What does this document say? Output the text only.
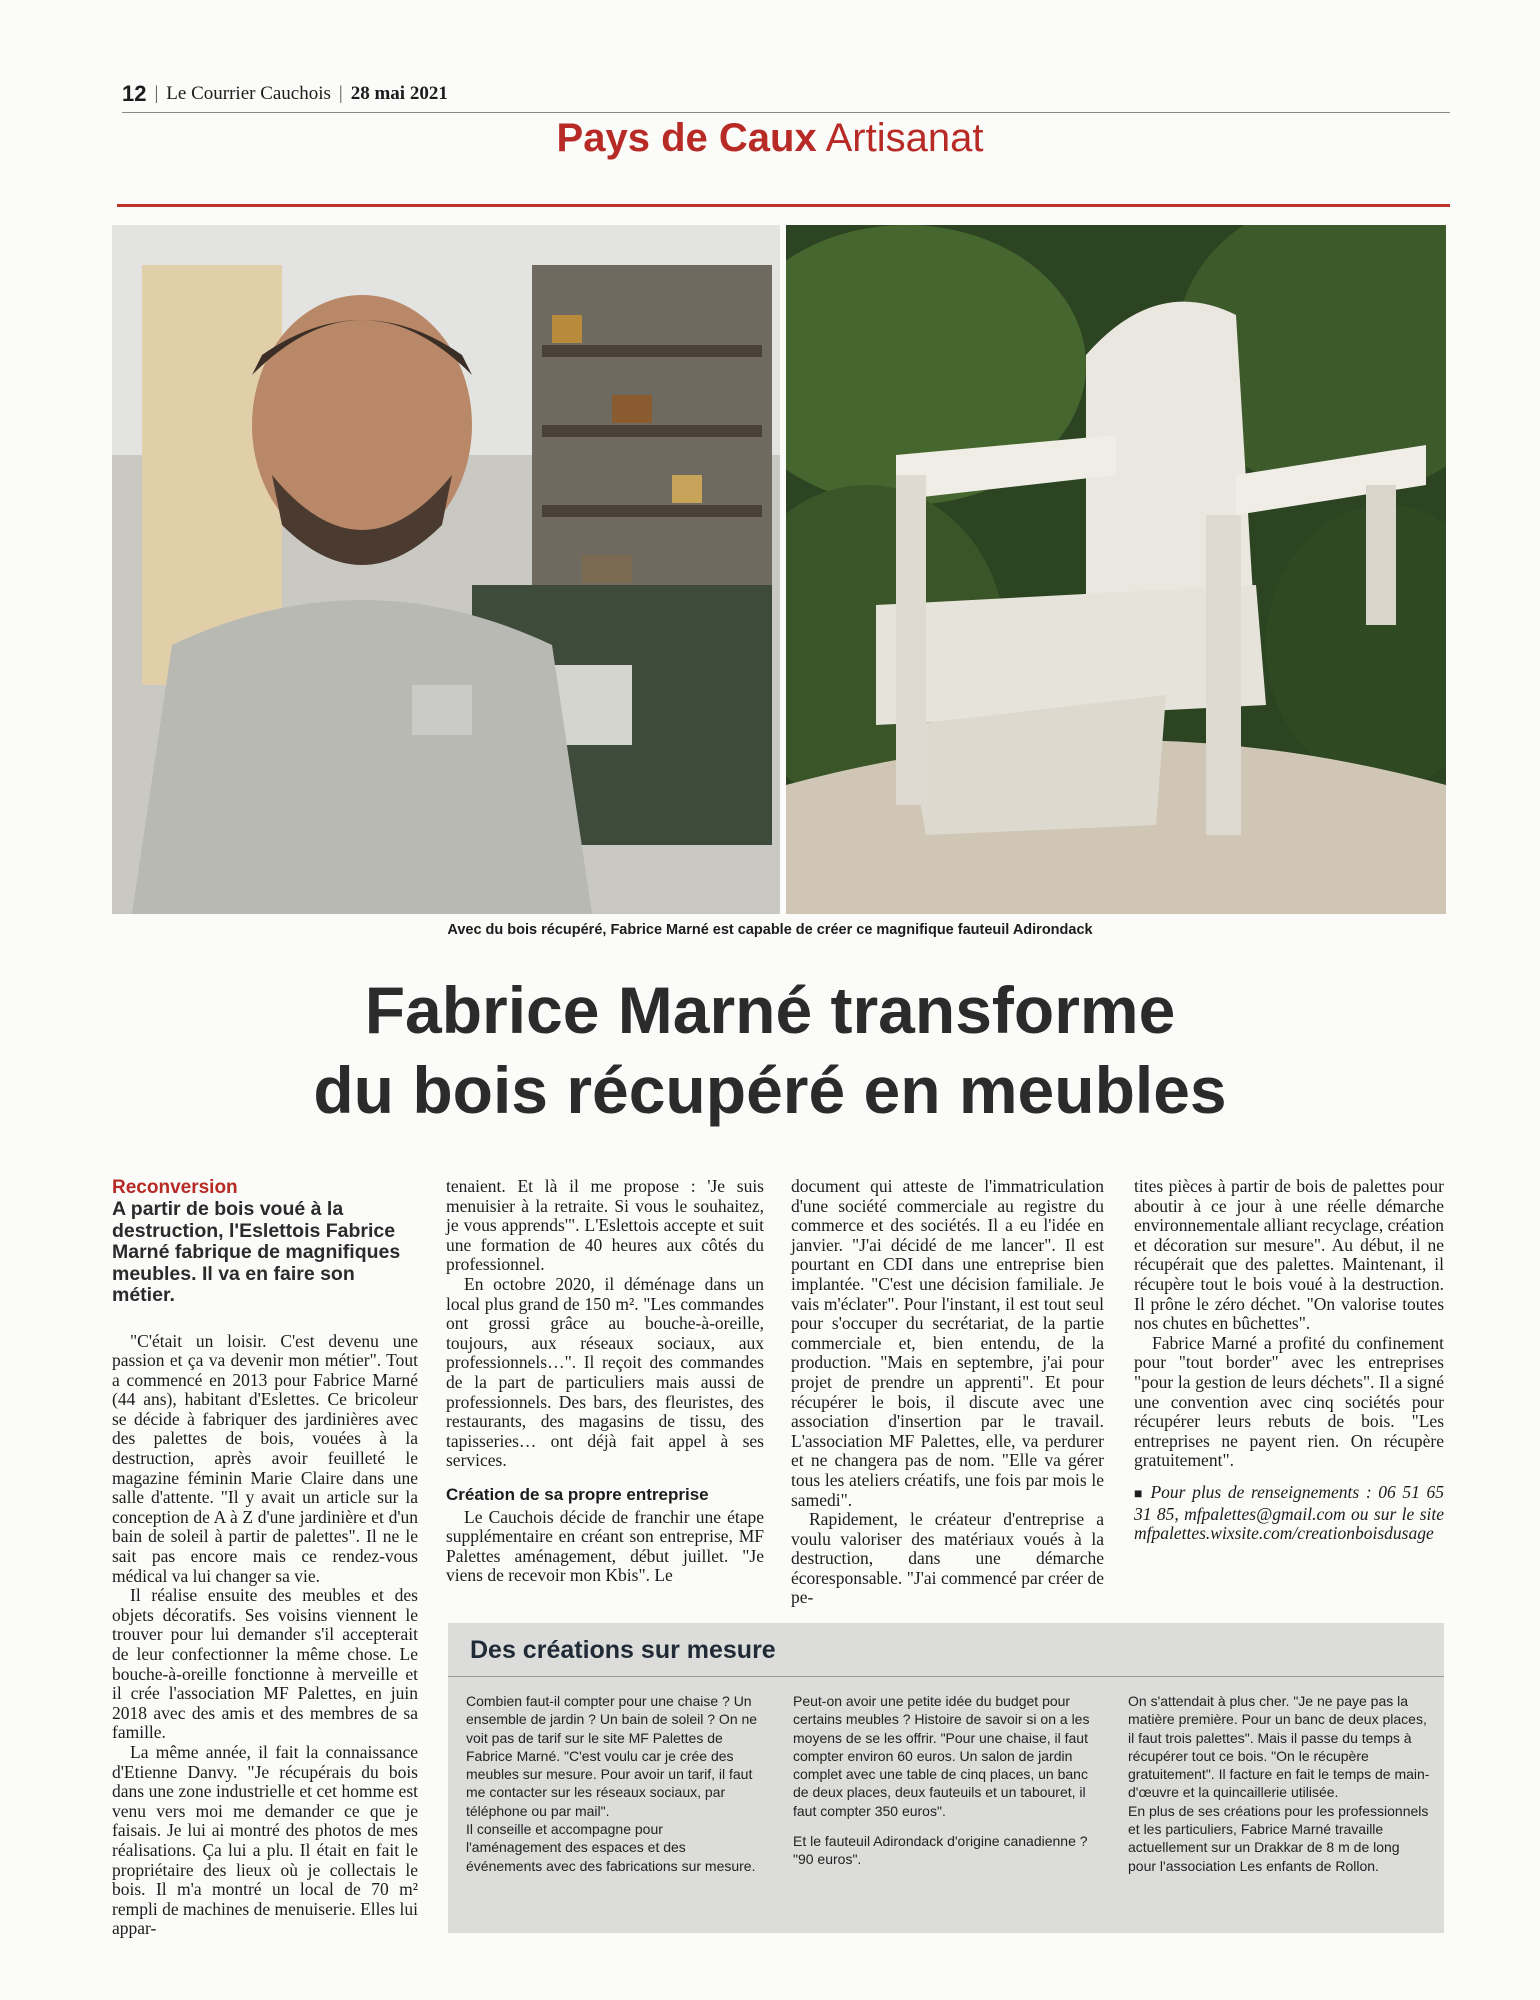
12 | Le Courrier Cauchois | 28 mai 2021
Pays de Caux Artisanat
Avec du bois récupéré, Fabrice Marné est capable de créer ce magnifique fauteuil Adirondack
Fabrice Marné transforme
du bois récupéré en meubles
Reconversion
A partir de bois voué à la destruction, l'Eslettois Fabrice Marné fabrique de magnifiques meubles. Il va en faire son métier.

"C'était un loisir. C'est devenu une passion et ça va devenir mon métier". Tout a commencé en 2013 pour Fabrice Marné (44 ans), habitant d'Eslettes. Ce bricoleur se décide à fabriquer des jardinières avec des palettes de bois, vouées à la destruction, après avoir feuilleté le magazine féminin Marie Claire dans une salle d'attente. "Il y avait un article sur la conception de A à Z d'une jardinière et d'un bain de soleil à partir de palettes". Il ne le sait pas encore mais ce rendez-vous médical va lui changer sa vie.

Il réalise ensuite des meubles et des objets décoratifs. Ses voisins viennent le trouver pour lui demander s'il accepterait de leur confectionner la même chose. Le bouche-à-oreille fonctionne à merveille et il crée l'association MF Palettes, en juin 2018 avec des amis et des membres de sa famille.

La même année, il fait la connaissance d'Etienne Danvy. "Je récupérais du bois dans une zone industrielle et cet homme est venu vers moi me demander ce que je faisais. Je lui ai montré des photos de mes réalisations. Ça lui a plu. Il était en fait le propriétaire des lieux où je collectais le bois. Il m'a montré un local de 70 m² rempli de machines de menuiserie. Elles lui appar-

tenaient. Et là il me propose : 'Je suis menuisier à la retraite. Si vous le souhaitez, je vous apprends'". L'Eslettois accepte et suit une formation de 40 heures aux côtés du professionnel.

En octobre 2020, il déménage dans un local plus grand de 150 m². "Les commandes ont grossi grâce au bouche-à-oreille, toujours, aux réseaux sociaux, aux professionnels…". Il reçoit des commandes de la part de particuliers mais aussi de professionnels. Des bars, des fleuristes, des restaurants, des magasins de tissu, des tapisseries… ont déjà fait appel à ses services.

Création de sa propre entreprise

Le Cauchois décide de franchir une étape supplémentaire en créant son entreprise, MF Palettes aménagement, début juillet. "Je viens de recevoir mon Kbis". Le

document qui atteste de l'immatriculation d'une société commerciale au registre du commerce et des sociétés. Il a eu l'idée en janvier. "J'ai décidé de me lancer". Il est pourtant en CDI dans une entreprise bien implantée. "C'est une décision familiale. Je vais m'éclater". Pour l'instant, il est tout seul pour s'occuper du secrétariat, de la partie commerciale et, bien entendu, de la production. "Mais en septembre, j'ai pour projet de prendre un apprenti". Et pour récupérer le bois, il discute avec une association d'insertion par le travail. L'association MF Palettes, elle, va perdurer et ne changera pas de nom. "Elle va gérer tous les ateliers créatifs, une fois par mois le samedi".

Rapidement, le créateur d'entreprise a voulu valoriser des matériaux voués à la destruction, dans une démarche écoresponsable. "J'ai commencé par créer de pe-

tites pièces à partir de bois de palettes pour aboutir à ce jour à une réelle démarche environnementale alliant recyclage, création et décoration sur mesure". Au début, il ne récupérait que des palettes. Maintenant, il récupère tout le bois voué à la destruction. Il prône le zéro déchet. "On valorise toutes nos chutes en bûchettes".

Fabrice Marné a profité du confinement pour "tout border" avec les entreprises "pour la gestion de leurs déchets". Il a signé une convention avec cinq sociétés pour récupérer leurs rebuts de bois. "Les entreprises ne payent rien. On récupère gratuitement".

■ Pour plus de renseignements : 06 51 65 31 85, mfpalettes@gmail.com ou sur le site mfpalettes.wixsite.com/creationboisdusage

Des créations sur mesure

Combien faut-il compter pour une chaise ? Un ensemble de jardin ? Un bain de soleil ? On ne voit pas de tarif sur le site MF Palettes de Fabrice Marné. "C'est voulu car je crée des meubles sur mesure. Pour avoir un tarif, il faut me contacter sur les réseaux sociaux, par téléphone ou par mail".

Il conseille et accompagne pour l'aménagement des espaces et des événements avec des fabrications sur mesure.

Peut-on avoir une petite idée du budget pour certains meubles ? Histoire de savoir si on a les moyens de se les offrir. "Pour une chaise, il faut compter environ 60 euros. Un salon de jardin complet avec une table de cinq places, un banc de deux places, deux fauteuils et un tabouret, il faut compter 350 euros".

Et le fauteuil Adirondack d'origine canadienne ? "90 euros".

On s'attendait à plus cher. "Je ne paye pas la matière première. Pour un banc de deux places, il faut trois palettes". Mais il passe du temps à récupérer tout ce bois. "On le récupère gratuitement". Il facture en fait le temps de main-d'œuvre et la quincaillerie utilisée.

En plus de ses créations pour les professionnels et les particuliers, Fabrice Marné travaille actuellement sur un Drakkar de 8 m de long pour l'association Les enfants de Rollon.
